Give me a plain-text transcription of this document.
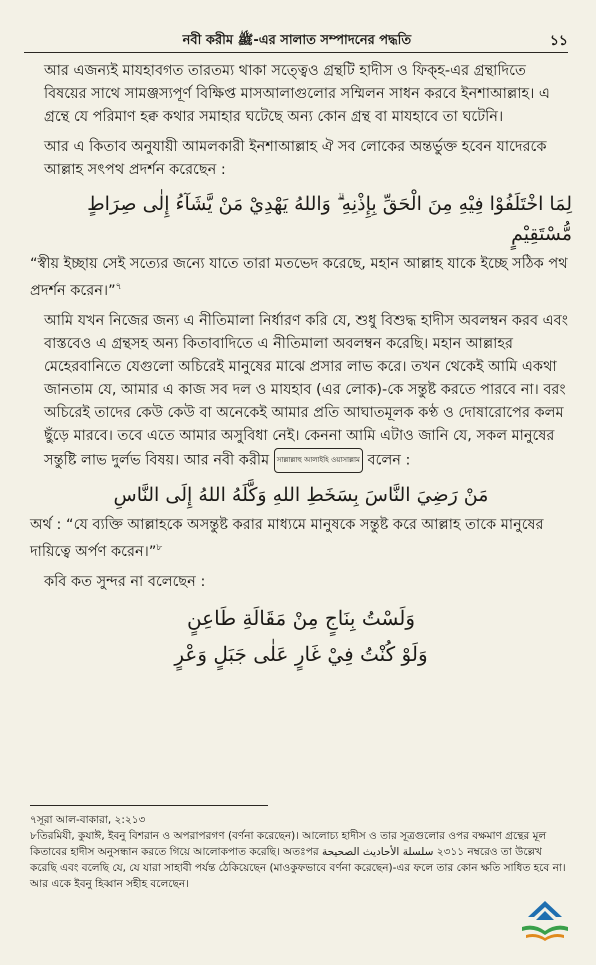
নবী করীম ﷺ-এর সালাত সম্পাদনের পদ্ধতি	১১

আর এজন্যই মাযহাবগত তারতম্য থাকা সত্ত্বেও গ্রন্থটি হাদীস ও ফিক্‌হ-এর গ্রন্থাদিতে বিষয়ের সাথে সামঞ্জস্যপূর্ণ বিক্ষিপ্ত মাসআলাগুলোর সম্মিলন সাধন করবে ইনশাআল্লাহ। এ গ্রন্থে যে পরিমাণ হক্ব কথার সমাহার ঘটেছে অন্য কোন গ্রন্থ বা মাযহাবে তা ঘটেনি।

আর এ কিতাব অনুযায়ী আমলকারী ইনশাআল্লাহ ঐ সব লোকের অন্তর্ভুক্ত হবেন যাদেরকে আল্লাহ সৎপথ প্রদর্শন করেছেন :

لِمَا اخْتَلَفُوْا فِيْهِ مِنَ الْحَقِّ بِإِذْنِهِ ۗ وَاللهُ يَهْدِيْ مَنْ يَّشَآءُ إِلٰى صِرَاطٍ مُّسْتَقِيْمٍ

“স্বীয় ইচ্ছায় সেই সত্যের জন্যে যাতে তারা মতভেদ করেছে, মহান আল্লাহ যাকে ইচ্ছে সঠিক পথ প্রদর্শন করেন।”$^৭$

আমি যখন নিজের জন্য এ নীতিমালা নির্ধারণ করি যে, শুধু বিশুদ্ধ হাদীস অবলম্বন করব এবং বাস্তবেও এ গ্রন্থসহ অন্য কিতাবাদিতে এ নীতিমালা অবলম্বন করেছি। মহান আল্লাহর মেহেরবানিতে যেগুলো অচিরেই মানুষের মাঝে প্রসার লাভ করে। তখন থেকেই আমি একথা জানতাম যে, আমার এ কাজ সব দল ও মাযহাব (এর লোক)-কে সন্তুষ্ট করতে পারবে না। বরং অচিরেই তাদের কেউ কেউ বা অনেকেই আমার প্রতি আঘাতমূলক কণ্ঠ ও দোষারোপের কলম ছুঁড়ে মারবে। তবে এতে আমার অসুবিধা নেই। কেননা আমি এটাও জানি যে, সকল মানুষের সন্তুষ্টি লাভ দুর্লভ বিষয়। আর নবী করীম সাল্লাল্লাহু আলাইহি ওয়াসাল্লাম বলেন :

مَنْ رَضِيَ النَّاسَ بِسَخَطِ اللهِ وَكَّلَهُ اللهُ إِلَى النَّاسِ

অর্থ : “যে ব্যক্তি আল্লাহকে অসন্তুষ্ট করার মাধ্যমে মানুষকে সন্তুষ্ট করে আল্লাহ তাকে মানুষের দায়িত্বে অর্পণ করেন।”$^৮$

কবি কত সুন্দর না বলেছেন :

وَلَسْتُ بِنَاجٍ مِنْ مَقَالَةِ طَاعِنٍ
وَلَوْ كُنْتُ فِيْ غَارٍ عَلٰى جَبَلٍ وَعْرٍ
৭সূরা আল-বাকারা, ২:২১৩
৮তিরমিযী, কুযাঈ, ইবনু বিশরান ও অপরাপরগণ (বর্ণনা করেছেন)। আলোচ্য হাদীস ও তার সূত্রগুলোর ওপর বক্ষমাণ গ্রন্থের মূল কিতাবের হাদীস অনুসন্ধান করতে গিয়ে আলোকপাত করেছি। অতঃপর سلسلة الأحاديث الصحيحة ২৩১১ নম্বরেও তা উল্লেখ করেছি এবং বলেছি যে, যে যারা সাহাবী পর্যন্ত ঠেকিয়েছেন (মাওকুফভাবে বর্ণনা করেছেন)-এর ফলে তার কোন ক্ষতি সাধিত হবে না। আর একে ইবনু হিব্বান সহীহ বলেছেন।
